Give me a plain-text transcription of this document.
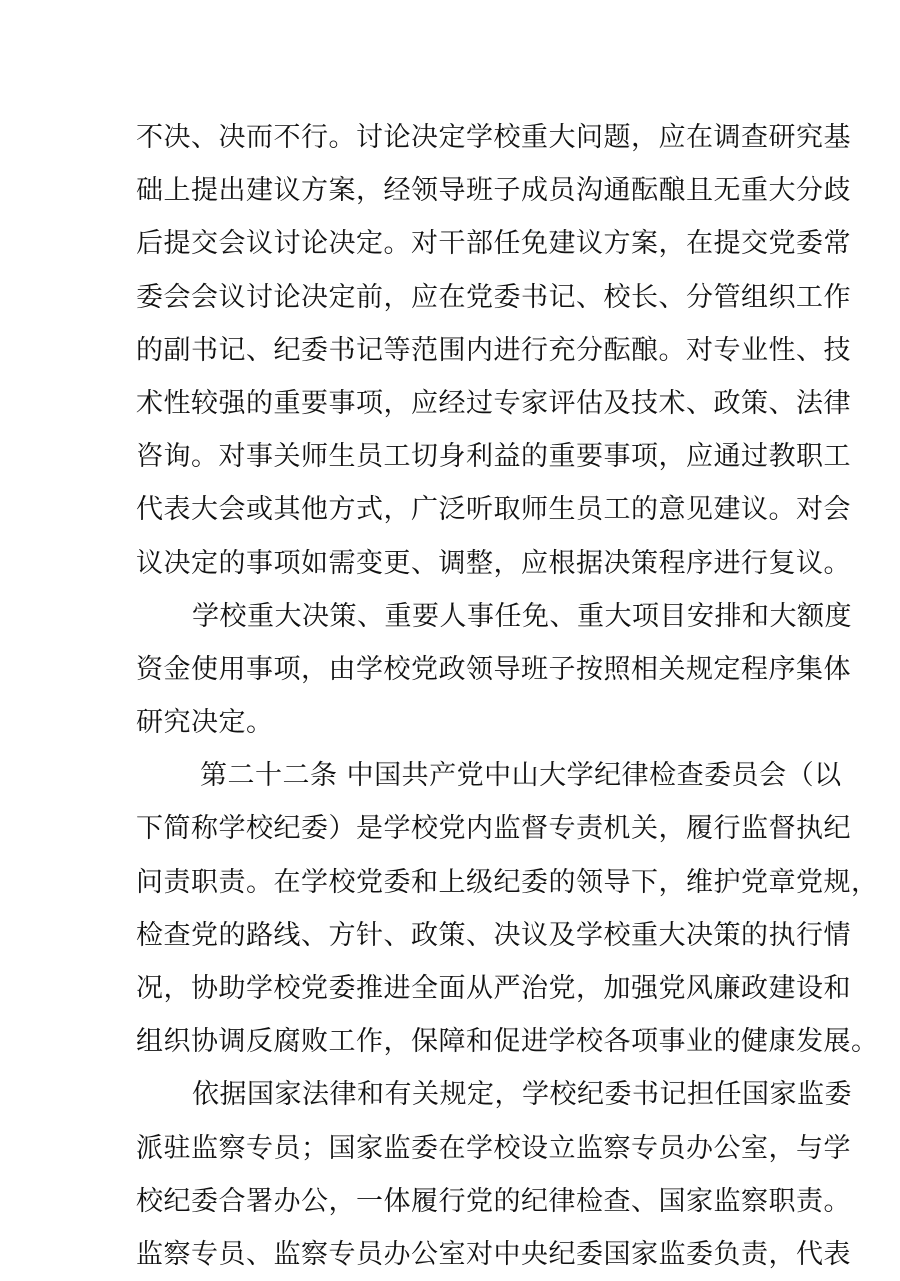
不决、决而不行。讨论决定学校重大问题，应在调查研究基
础上提出建议方案，经领导班子成员沟通酝酿且无重大分歧
后提交会议讨论决定。对干部任免建议方案，在提交党委常
委会会议讨论决定前，应在党委书记、校长、分管组织工作
的副书记、纪委书记等范围内进行充分酝酿。对专业性、技
术性较强的重要事项，应经过专家评估及技术、政策、法律
咨询。对事关师生员工切身利益的重要事项，应通过教职工
代表大会或其他方式，广泛听取师生员工的意见建议。对会
议决定的事项如需变更、调整，应根据决策程序进行复议。
学校重大决策、重要人事任免、重大项目安排和大额度
资金使用事项，由学校党政领导班子按照相关规定程序集体
研究决定。
第二十二条 中国共产党中山大学纪律检查委员会（以
下简称学校纪委）是学校党内监督专责机关，履行监督执纪
问责职责。在学校党委和上级纪委的领导下，维护党章党规，
检查党的路线、方针、政策、决议及学校重大决策的执行情
况，协助学校党委推进全面从严治党，加强党风廉政建设和
组织协调反腐败工作，保障和促进学校各项事业的健康发展。
依据国家法律和有关规定，学校纪委书记担任国家监委
派驻监察专员；国家监委在学校设立监察专员办公室，与学
校纪委合署办公，一体履行党的纪律检查、国家监察职责。
监察专员、监察专员办公室对中央纪委国家监委负责，代表
